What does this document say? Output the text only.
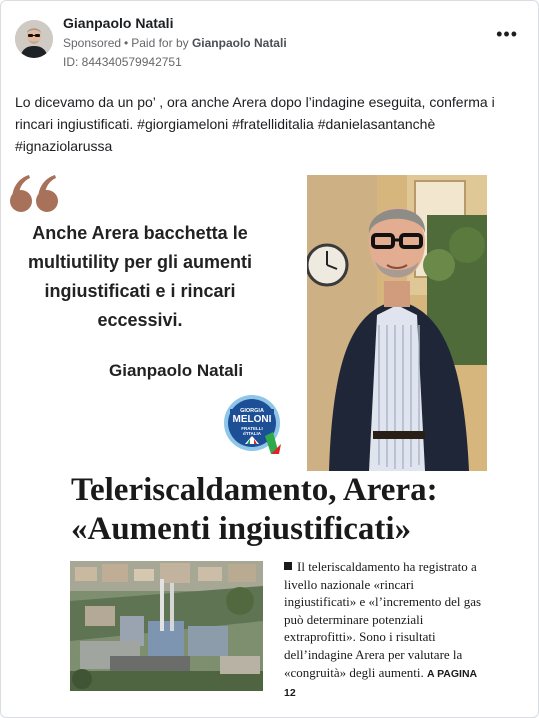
Gianpaolo Natali
Sponsored • Paid for by Gianpaolo Natali
ID: 844340579942751
•••
Lo dicevamo da un po’ , ora anche Arera dopo l’indagine eseguita, conferma i rincari ingiustificati. #giorgiameloni #fratelliditalia #danielasantanchè #ignaziolarussa
Anche Arera bacchetta le multiutility per gli aumenti ingiustificati e i rincari eccessivi.
Gianpaolo Natali
GIORGIA
MELONI
FRATELLI
d'ITALIA
Teleriscaldamento, Arera:
«Aumenti ingiustificati»
Il teleriscaldamento ha registrato a livello nazionale «rincari ingiustificati» e «l’incremento del gas può determinare potenziali extraprofitti». Sono i risultati dell’indagine Arera per valutare la «congruità» degli aumenti. A PAGINA 12
